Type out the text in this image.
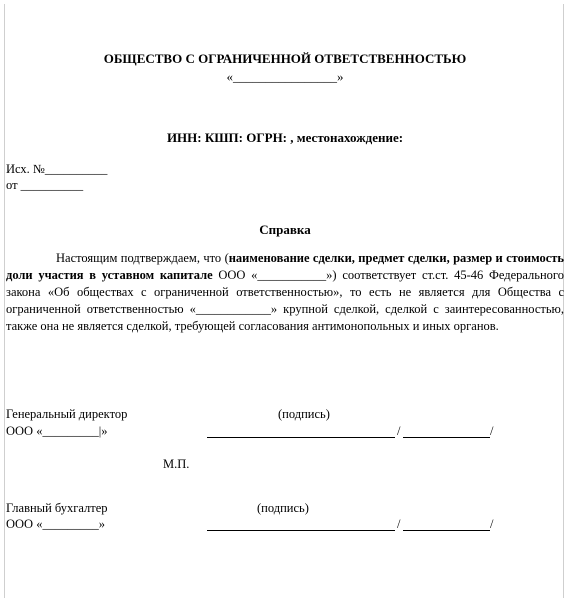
ОБЩЕСТВО С ОГРАНИЧЕННОЙ ОТВЕТСТВЕННОСТЬЮ
«________________»
ИНН: КШП: ОГРН: , местонахождение:
Исх. №__________
от __________
Справка

Настоящим подтверждаем, что (наименование сделки, предмет сделки, размер и стоимость доли участия в уставном капитале ООО «___________») соответствует ст.ст. 45-46 Федерального закона «Об обществах с ограниченной ответственностью», то есть не является для Общества с ограниченной ответственностью «____________» крупной сделкой, сделкой с заинтересованностью, также она не является сделкой, требующей согласования антимонопольных и иных органов.

Генеральный директор	(подпись)
ООО «_________|»	/	/
М.П.
Главный бухгалтер	(подпись)
ООО «_________»	/	/
